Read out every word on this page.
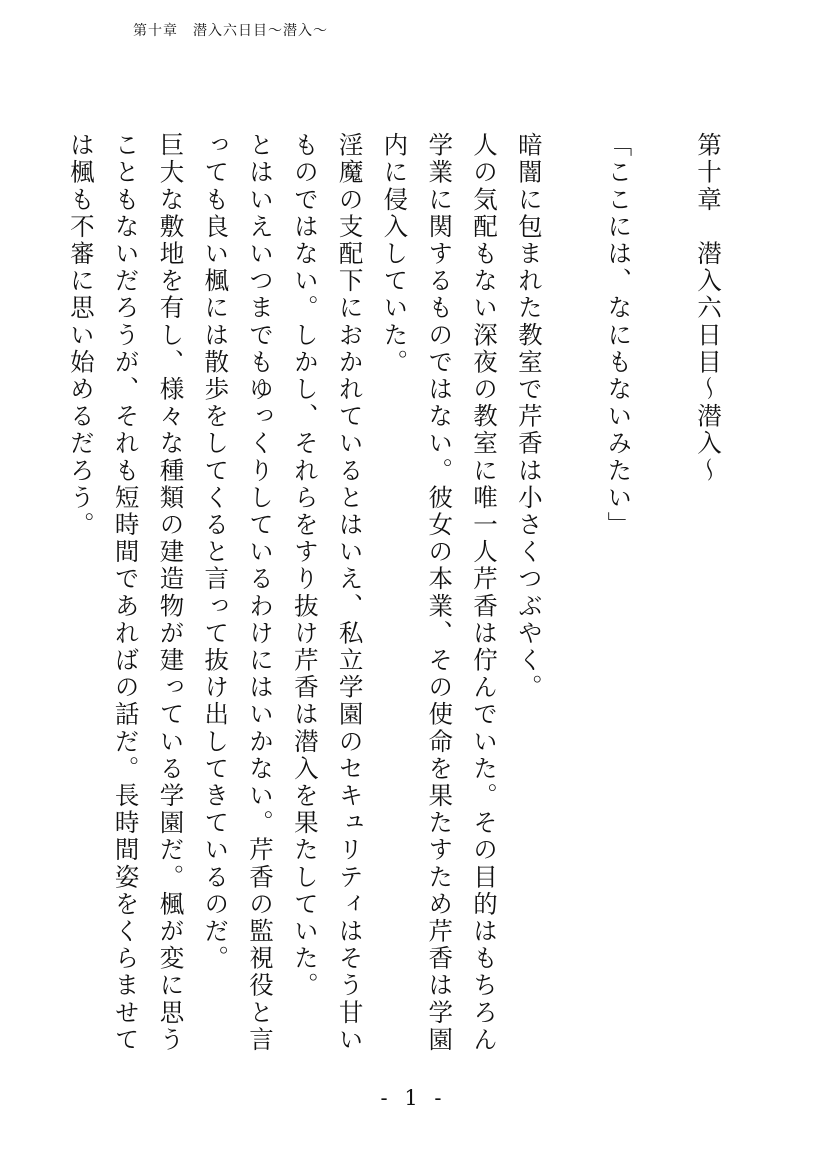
第十章　潜入六日目〜潜入〜

第十章　潜入六日目〜潜入〜

「ここには、なにもないみたい」

暗闇に包まれた教室で芹香は小さくつぶやく。

人の気配もない深夜の教室に唯一人芹香は佇んでいた。その目的はもちろん学業に関するものではない。彼女の本業、その使命を果たすため芹香は学園内に侵入していた。

淫魔の支配下におかれているとはいえ、私立学園のセキュリティはそう甘いものではない。しかし、それらをすり抜け芹香は潜入を果たしていた。

とはいえいつまでもゆっくりしているわけにはいかない。芹香の監視役と言っても良い楓には散歩をしてくると言って抜け出してきているのだ。

巨大な敷地を有し、様々な種類の建造物が建っている学園だ。楓が変に思うこともないだろうが、それも短時間であればの話だ。長時間姿をくらませては楓も不審に思い始めるだろう。

- 1 -
